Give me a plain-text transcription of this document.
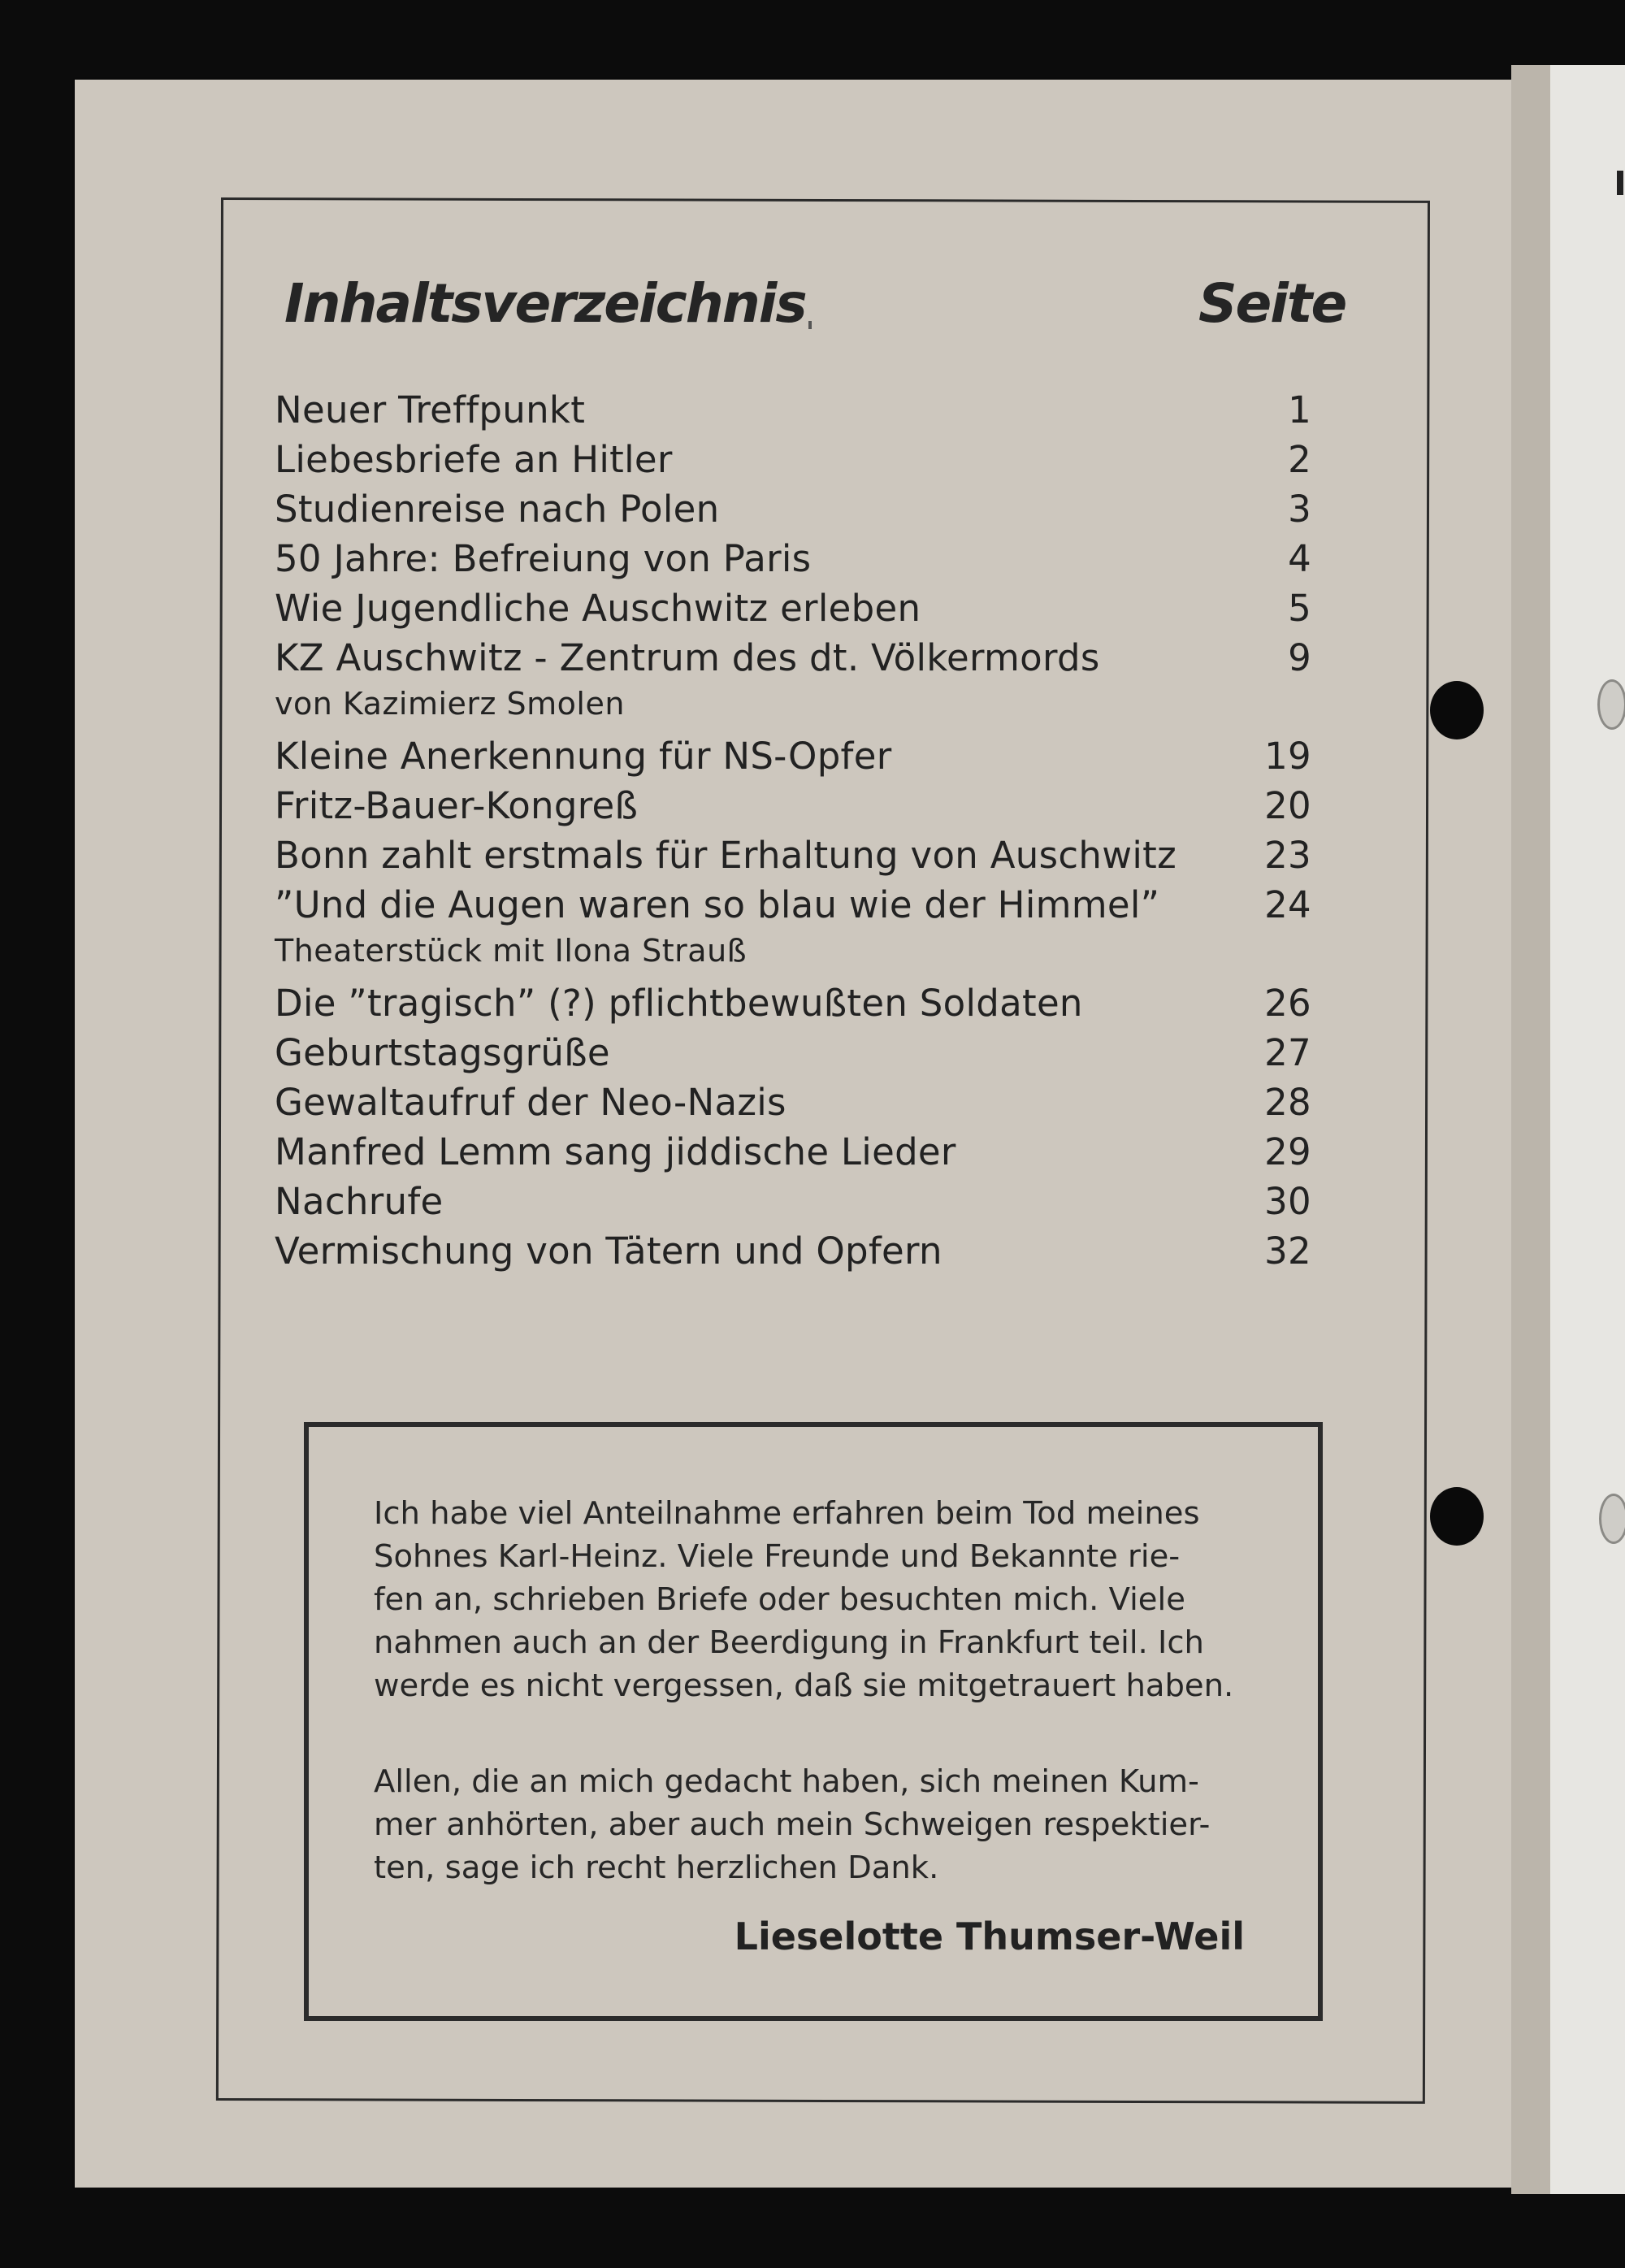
Inhaltsverzeichnis	Seite
Neuer Treffpunkt	1
Liebesbriefe an Hitler	2
Studienreise nach Polen	3
50 Jahre: Befreiung von Paris	4
Wie Jugendliche Auschwitz erleben	5
KZ Auschwitz - Zentrum des dt. Völkermords	9
von Kazimierz Smolen
Kleine Anerkennung für NS-Opfer	19
Fritz-Bauer-Kongreß	20
Bonn zahlt erstmals für Erhaltung von Auschwitz 23
”Und die Augen waren so blau wie der Himmel”	24
Theaterstück mit Ilona Strauß
Die ”tragisch” (?) pflichtbewußten Soldaten	26
Geburtstagsgrüße	27
Gewaltaufruf der Neo-Nazis	28
Manfred Lemm sang jiddische Lieder	29
Nachrufe	30
Vermischung von Tätern und Opfern	32
Ich habe viel Anteilnahme erfahren beim Tod meines
Sohnes Karl-Heinz. Viele Freunde und Bekannte rie-
fen an, schrieben Briefe oder besuchten mich. Viele
nahmen auch an der Beerdigung in Frankfurt teil. Ich
werde es nicht vergessen, daß sie mitgetrauert haben.
Allen, die an mich gedacht haben, sich meinen Kum-
mer anhörten, aber auch mein Schweigen respektier-
ten, sage ich recht herzlichen Dank.
Lieselotte Thumser-Weil
